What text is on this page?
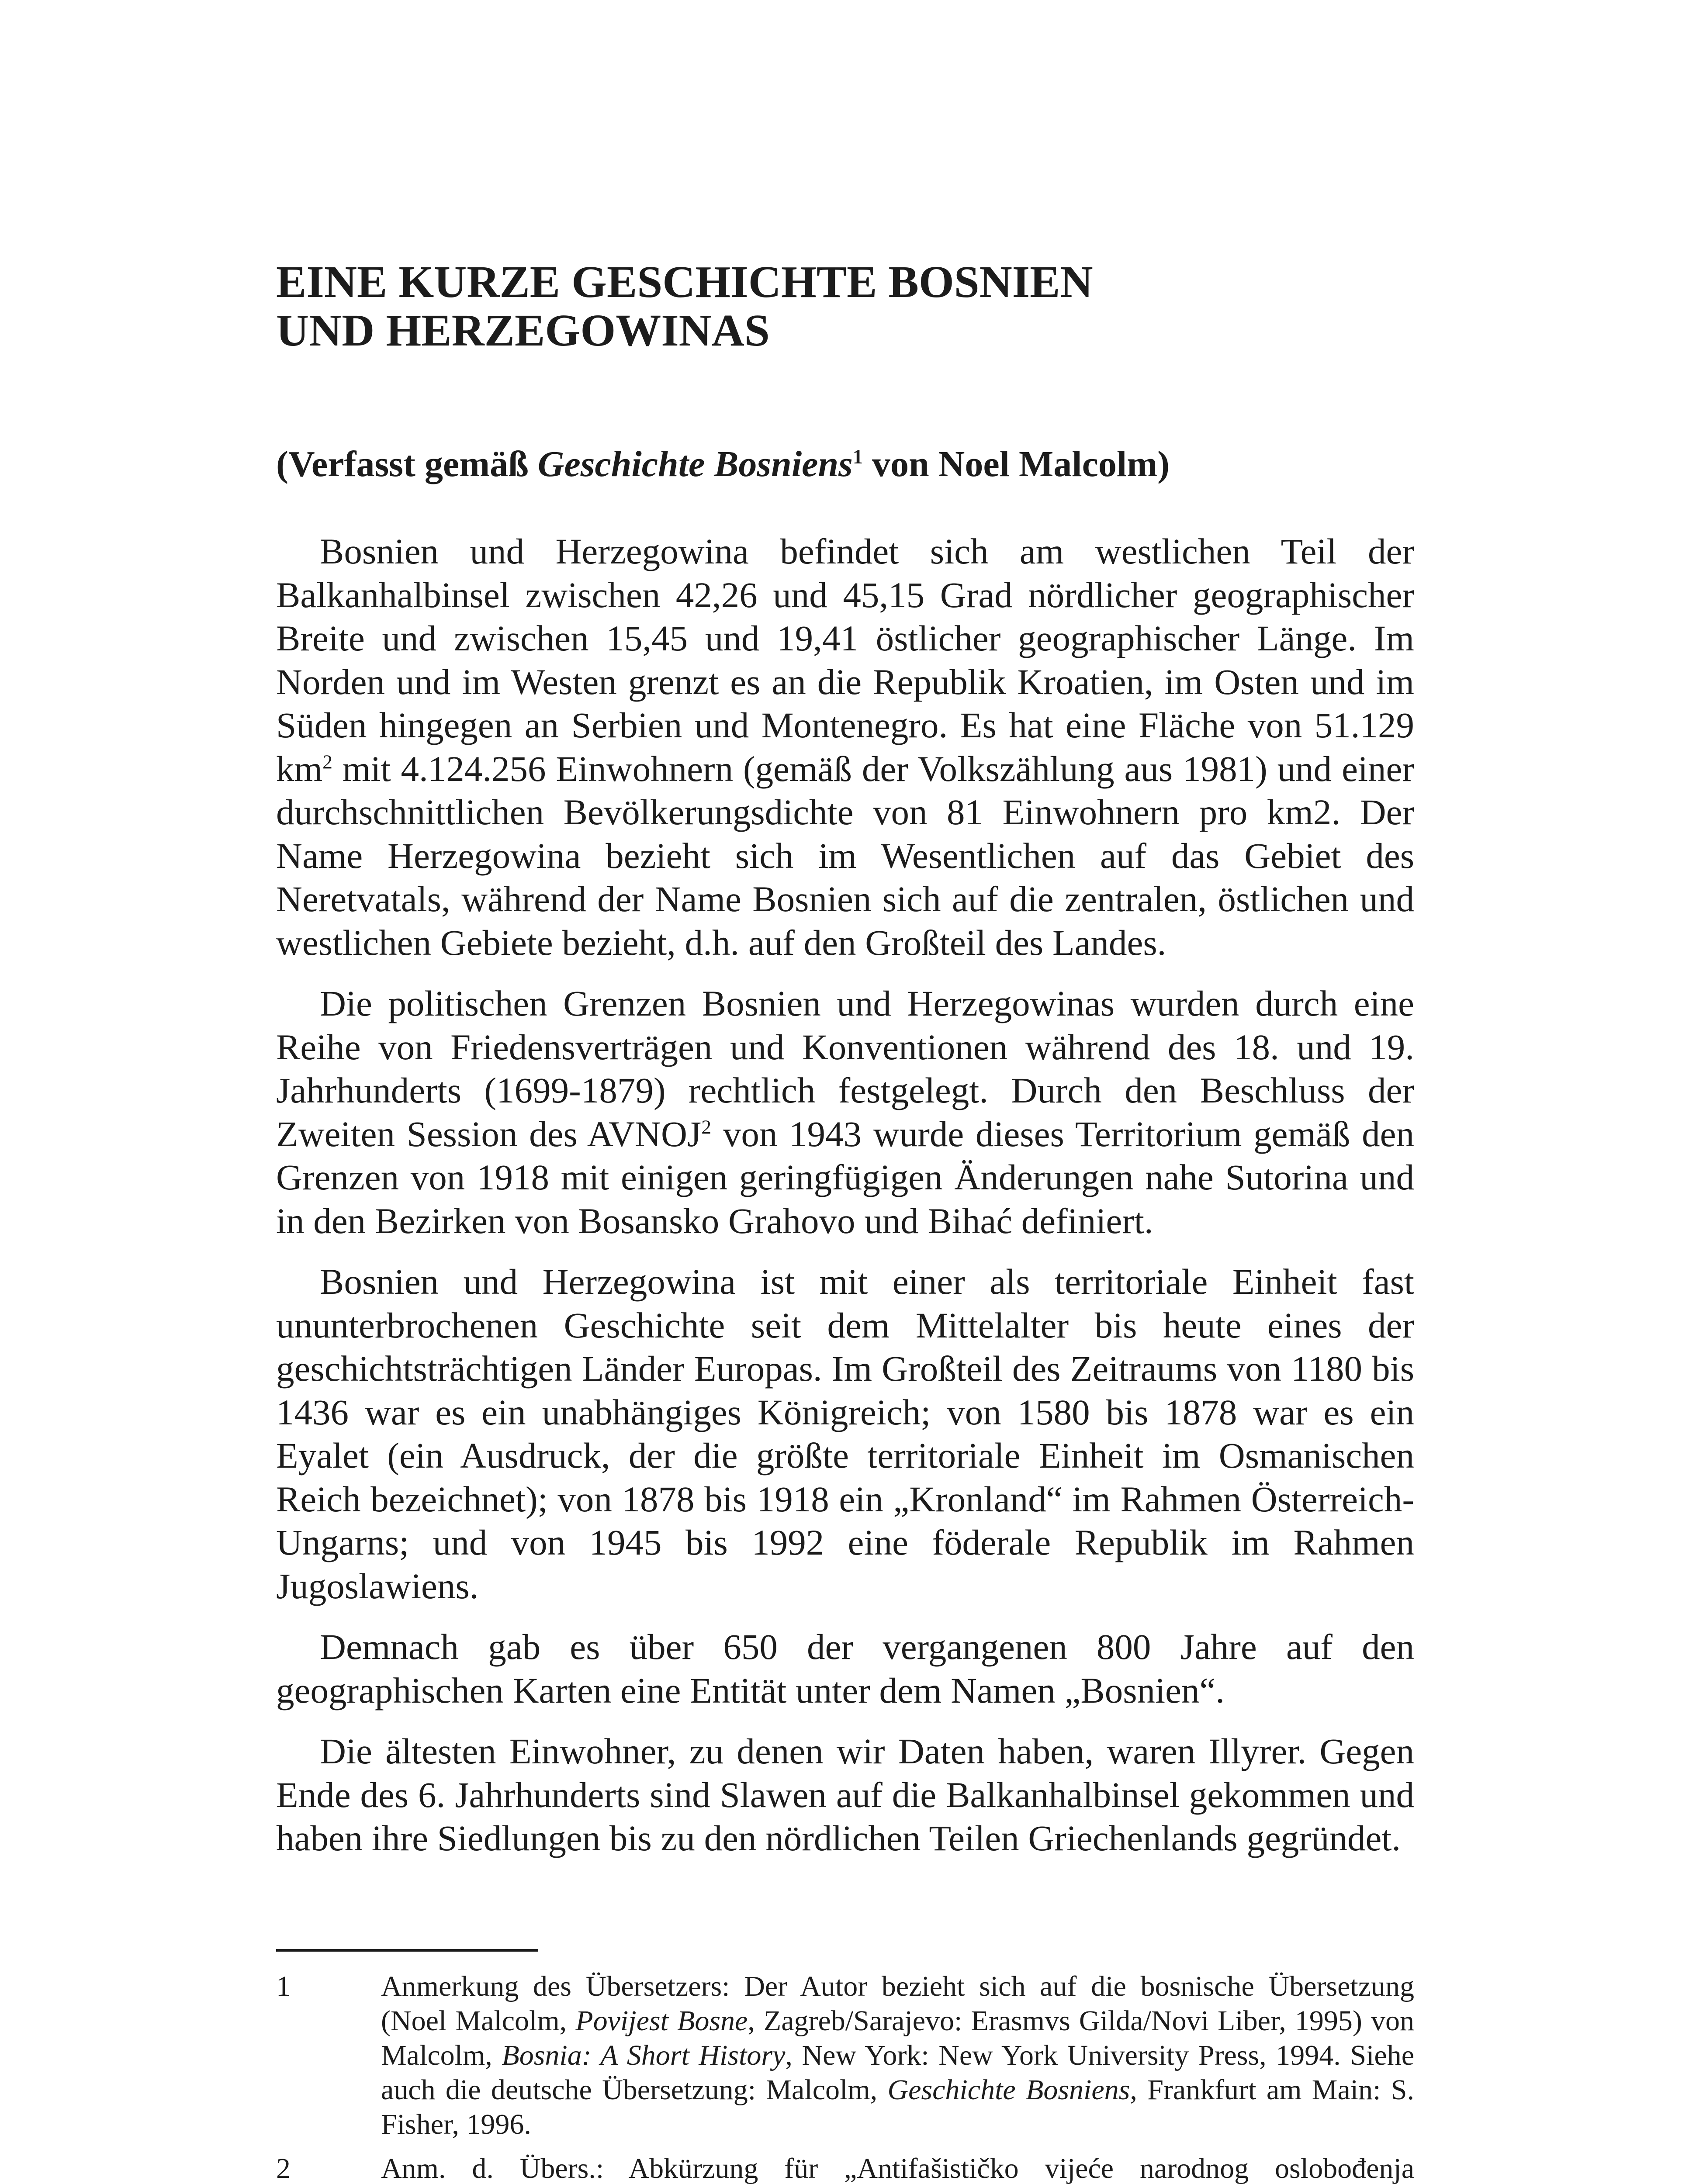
EINE KURZE GESCHICHTE BOSNIEN
UND HERZEGOWINAS
(Verfasst gemäß Geschichte Bosniens$^1$ von Noel Malcolm)

Bosnien und Herzegowina befindet sich am westlichen Teil der Balkanhalbinsel zwischen 42,26 und 45,15 Grad nördlicher geographischer Breite und zwischen 15,45 und 19,41 östlicher geographischer Länge. Im Norden und im Westen grenzt es an die Republik Kroatien, im Osten und im Süden hingegen an Serbien und Montenegro. Es hat eine Fläche von 51.129 $km^2$ mit 4.124.256 Einwohnern (gemäß der Volkszählung aus 1981) und einer durchschnittlichen Bevölkerungsdichte von 81 Einwohnern pro km2. Der Name Herzegowina bezieht sich im Wesentlichen auf das Gebiet des Neretvatals, während der Name Bosnien sich auf die zentralen, östlichen und westlichen Gebiete bezieht, d.h. auf den Großteil des Landes.

Die politischen Grenzen Bosnien und Herzegowinas wurden durch eine Reihe von Friedensverträgen und Konventionen während des 18. und 19. Jahrhunderts (1699-1879) rechtlich festgelegt. Durch den Beschluss der Zweiten Session des AVNOJ$^2$ von 1943 wurde dieses Territorium gemäß den Grenzen von 1918 mit einigen geringfügigen Änderungen nahe Sutorina und in den Bezirken von Bosansko Grahovo und Bihać definiert.

Bosnien und Herzegowina ist mit einer als territoriale Einheit fast ununterbrochenen Geschichte seit dem Mittelalter bis heute eines der geschichtsträchtigen Länder Europas. Im Großteil des Zeitraums von 1180 bis 1436 war es ein unabhängiges Königreich; von 1580 bis 1878 war es ein Eyalet (ein Ausdruck, der die größte territoriale Einheit im Osmanischen Reich bezeichnet); von 1878 bis 1918 ein „Kronland“ im Rahmen Österreich-Ungarns; und von 1945 bis 1992 eine föderale Republik im Rahmen Jugoslawiens.

Demnach gab es über 650 der vergangenen 800 Jahre auf den geographischen Karten eine Entität unter dem Namen „Bosnien“.

Die ältesten Einwohner, zu denen wir Daten haben, waren Illyrer. Gegen Ende des 6. Jahrhunderts sind Slawen auf die Balkanhalbinsel gekommen und haben ihre Siedlungen bis zu den nördlichen Teilen Griechenlands gegründet.

1	Anmerkung des Übersetzers: Der Autor bezieht sich auf die bosnische Übersetzung (Noel Malcolm, Povijest Bosne, Zagreb/Sarajevo: Erasmvs Gilda/Novi Liber, 1995) von Malcolm, Bosnia: A Short History, New York: New York University Press, 1994. Siehe auch die deutsche Übersetzung: Malcolm, Geschichte Bosniens, Frankfurt am Main: S. Fisher, 1996.
2	Anm. d. Übers.: Abkürzung für „Antifašističko vijeće narodnog oslobođenja
